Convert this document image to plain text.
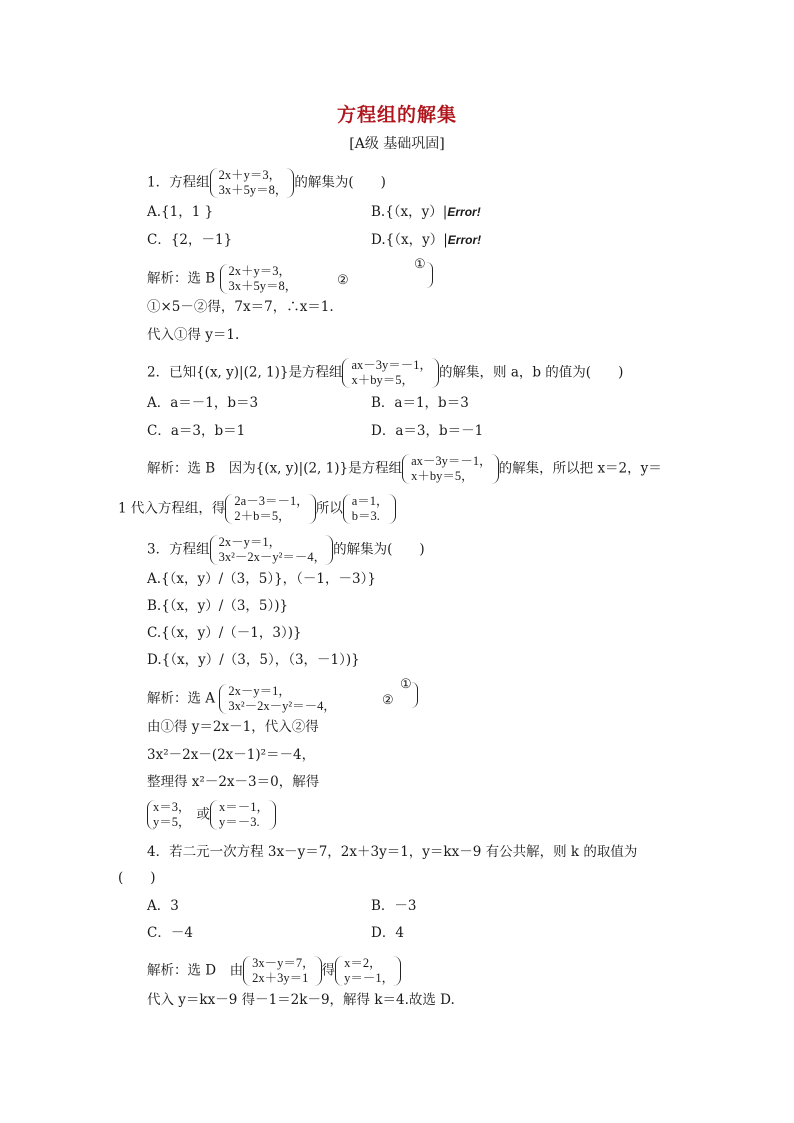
方程组的解集
[A级 基础巩固]
1．方程组 2x＋y＝3，
3x＋5y＝8， 的解集为(　　)
A.{1，1 }	B.{（x，y）|Error!
C．{2，－1}	D.{（x，y）|Error!
解析：选 B 2x＋y＝3，
3x＋5y＝8，	②
①
①×5－②得，7x＝7，∴x＝1.
代入①得 y＝1.
2．已知{(x, y)|(2, 1)}是方程组 ax－3y＝－1，
x＋by＝5，	的解集，则 a，b 的值为(　　)
A．a＝－1，b＝3	B．a＝1，b＝3
C．a＝3，b＝1	D．a＝3，b＝－1
解析：选 B　因为{(x, y)|(2, 1)}是方程组 ax－3y＝－1，
x＋by＝5，	的解集，所以把 x＝2，y＝
1 代入方程组，得 2a－3＝－1，
2＋b＝5，	所以 a＝1，
b＝3.
3．方程组 2x－y＝1，
3x²－2x－y²＝－4， 的解集为(　　)
A.{（x，y）/（3，5）}，（－1，－3）}
B.{（x，y）/（3，5）)}
C.{（x，y）/（－1，3）)}
D.{（x，y）/（3，5），（3，－1）)}
解析：选 A 2x－y＝1，
3x²－2x－y²＝－4，	②
①
由①得 y＝2x－1，代入②得
3x²－2x－(2x－1)²＝－4，
整理得 x²－2x－3＝0，解得
x＝3，
y＝5， 或 x＝－1，
y＝－3.
4．若二元一次方程 3x－y＝7，2x＋3y＝1，y＝kx－9 有公共解，则 k 的取值为
(　　)
A．3	B．－3
C．－4	D．4
解析：选 D　由 3x－y＝7，
2x＋3y＝1 得 x＝2，
y＝－1，
代入 y＝kx－9 得－1＝2k－9，解得 k＝4.故选 D.
